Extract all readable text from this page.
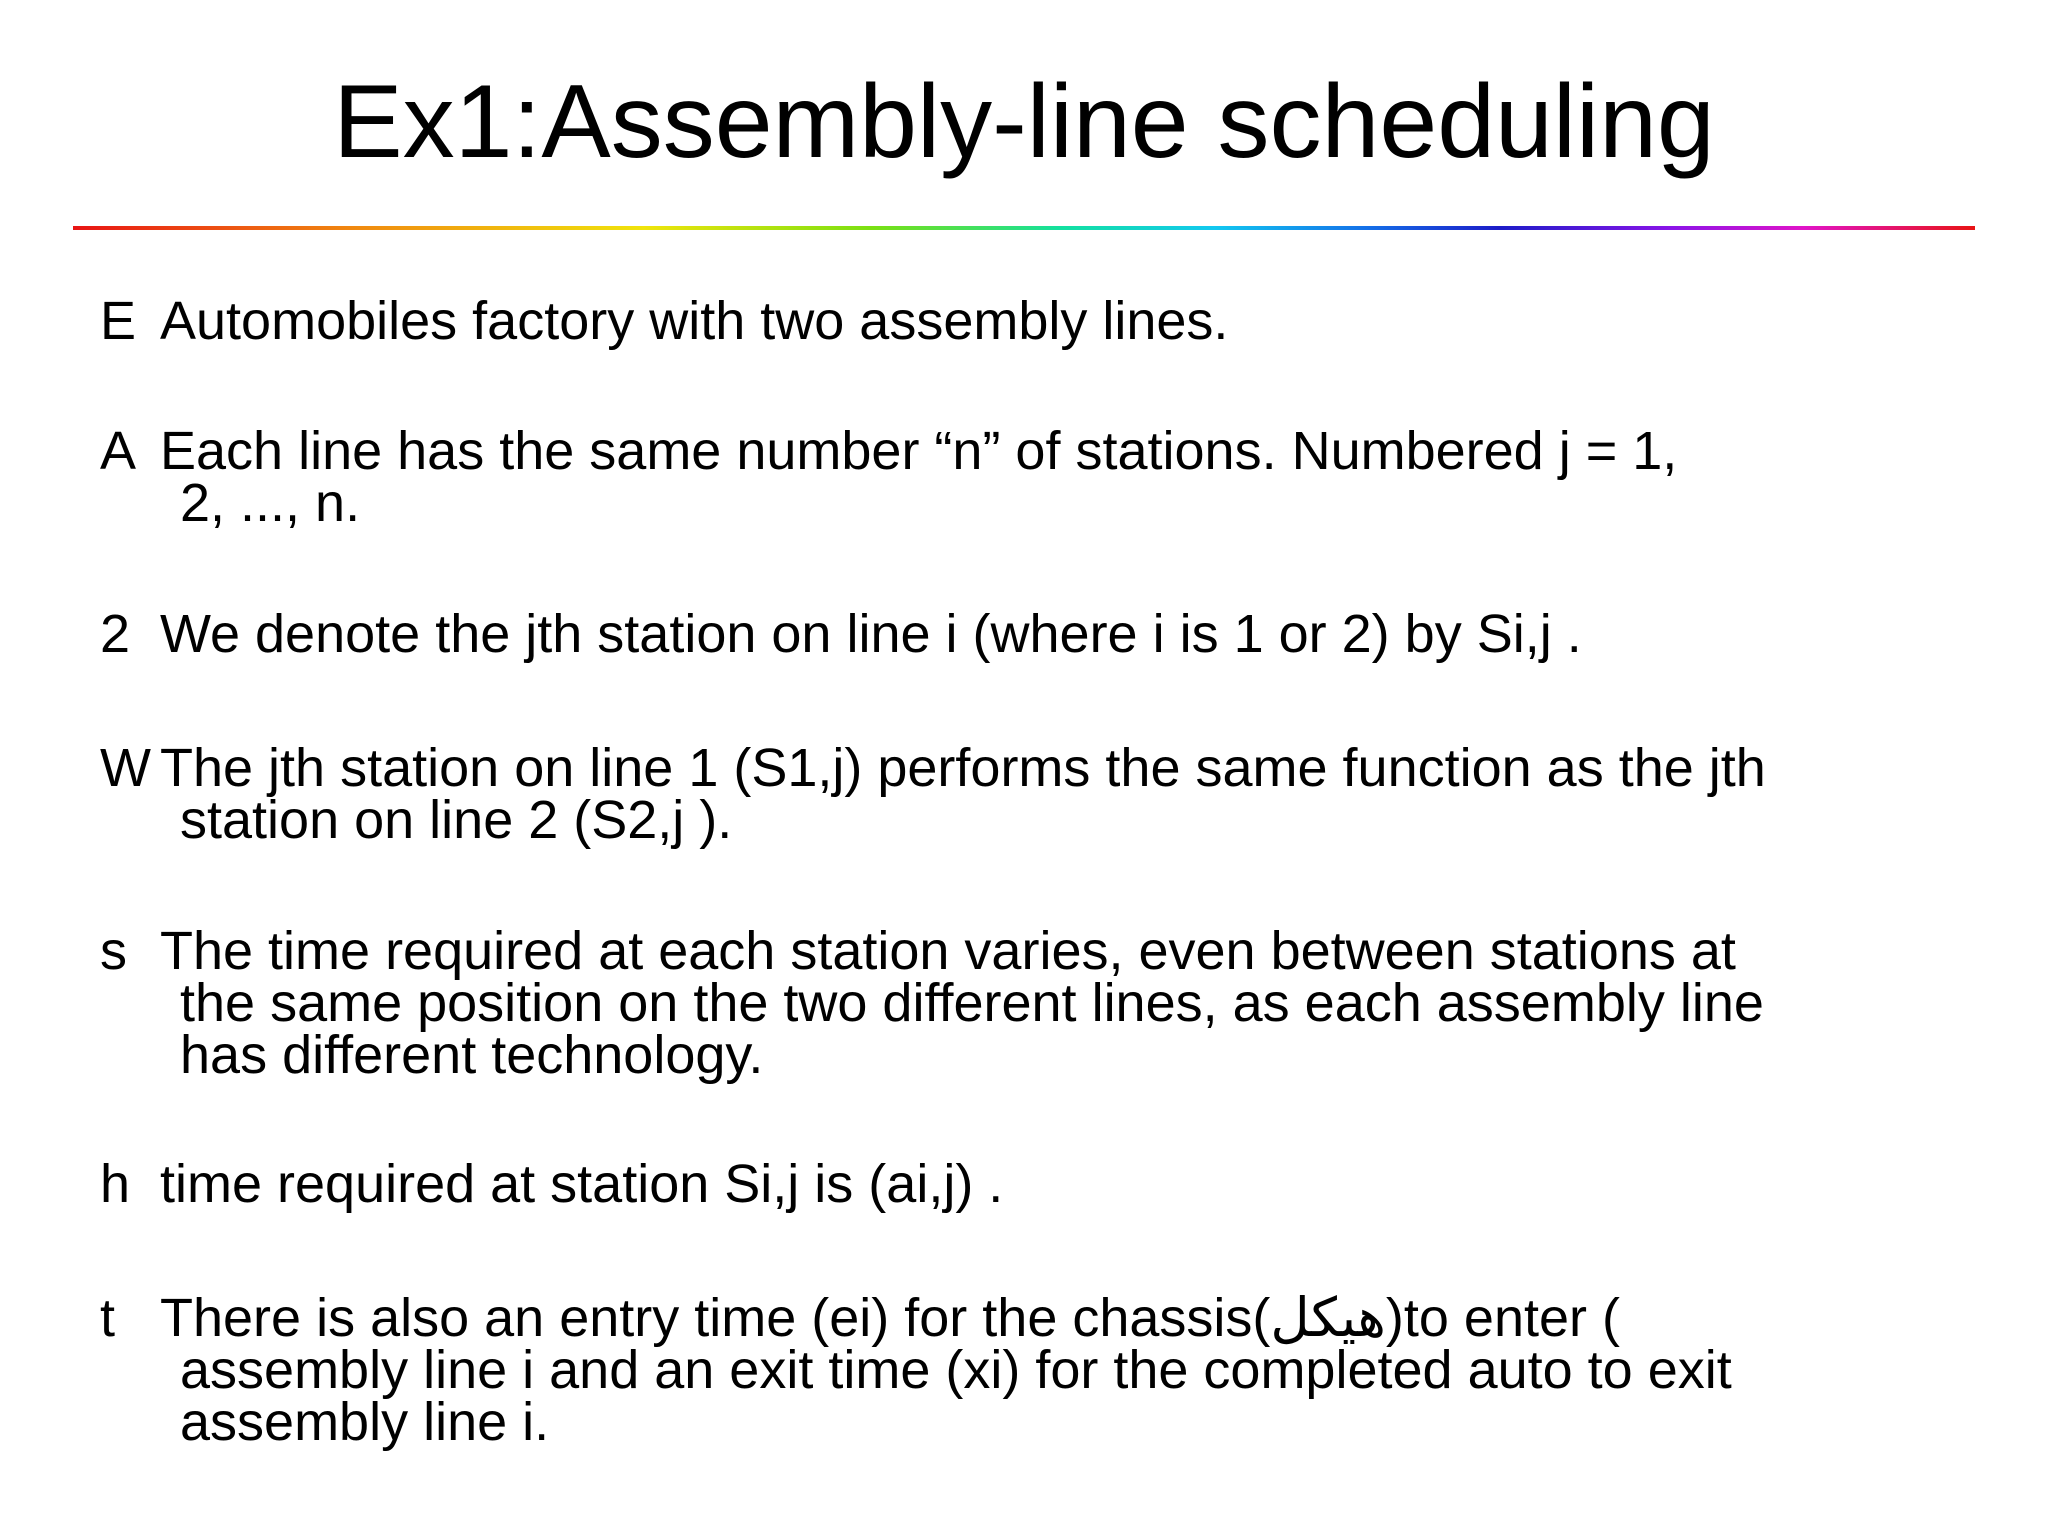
Ex1:Assembly-line scheduling
E Automobiles factory with two assembly lines.
A Each line has the same number “n” of stations. Numbered j = 1,
2, ..., n.
2 We denote the jth station on line i (where i is 1 or 2) by Si,j .
W The jth station on line 1 (S1,j) performs the same function as the jth
station on line 2 (S2,j ).
s The time required at each station varies, even between stations at
the same position on the two different lines, as each assembly line
has different technology.
h time required at station Si,j is (ai,j) .
t There is also an entry time (ei) for the chassis(هيكل)to enter (
assembly line i and an exit time (xi) for the completed auto to exit
assembly line i.
